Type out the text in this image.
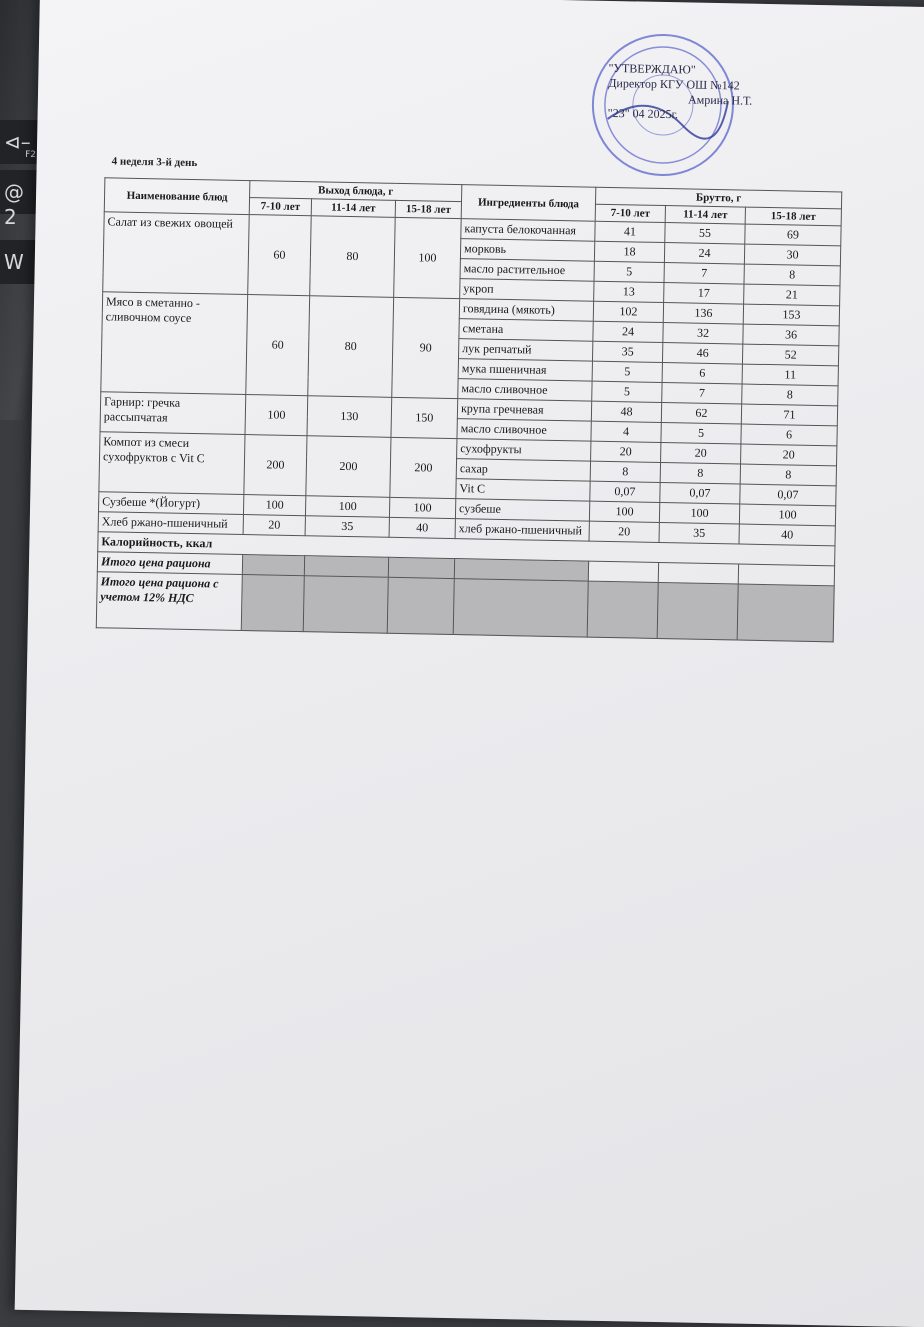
⊲–
F2
@

2
W
"УТВЕРЖДАЮ"
Директор КГУ ОШ №142
Амрина Н.Т.
"23" 04 2025г.
4 неделя 3-й день
Наименование блюд	Выход блюда, г			Ингредиенты блюда	Брутто, г		
	7-10 лет	11-14 лет	15-18 лет		7-10 лет	11-14 лет	15-18 лет
Салат из свежих овощей	60	80	100	капуста белокочанная	41	55	69
				морковь	18	24	30
				масло растительное	5	7	8
				укроп	13	17	21
Мясо в сметанно - сливочном соусе	60	80	90	говядина (мякоть)	102	136	153
				сметана	24	32	36
				лук репчатый	35	46	52
				мука пшеничная	5	6	11
				масло сливочное	5	7	8
Гарнир: гречка рассыпчатая	100	130	150	крупа гречневая	48	62	71
				масло сливочное	4	5	6
Компот из смеси сухофруктов с Vit C	200	200	200	сухофрукты	20	20	20
				сахар	8	8	8
				Vit C	0,07	0,07	0,07
Сузбеше *(Йогурт)	100	100	100	сузбеше	100	100	100
Хлеб ржано-пшеничный	20	35	40	хлеб ржано-пшеничный	20	35	40
Калорийность, ккал							
Итого цена рациона							
Итого цена рациона с учетом 12% НДС							
